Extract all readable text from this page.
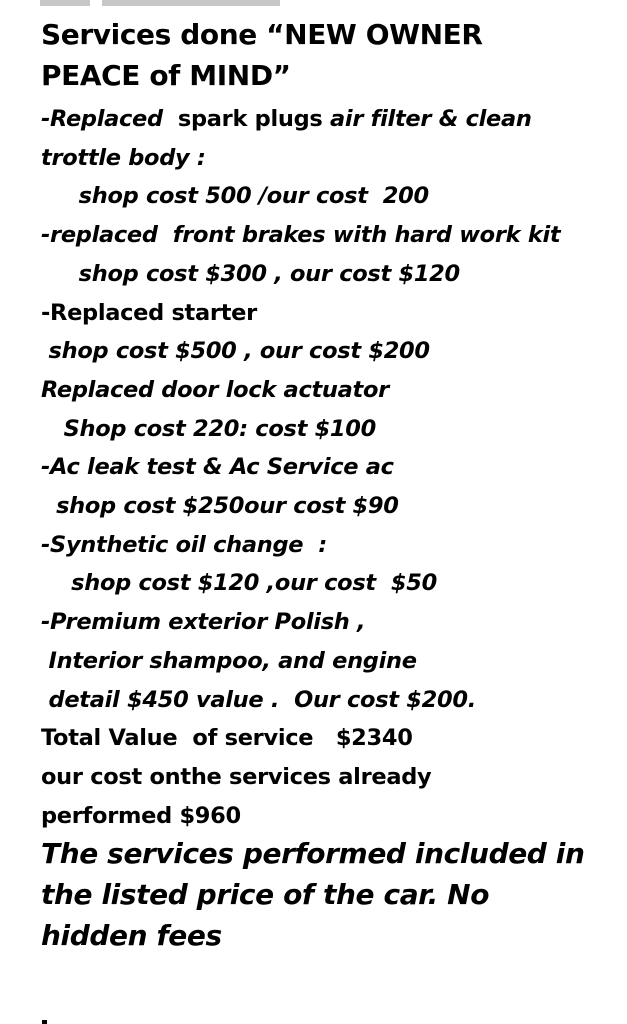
Services done “NEW OWNER
PEACE of MIND”
-Replaced  spark plugs air filter & clean
trottle body :
shop cost 500 /our cost  200
-replaced  front brakes with hard work kit
shop cost $300 , our cost $120
-Replaced starter
shop cost $500 , our cost $200
Replaced door lock actuator
Shop cost 220: cost $100
-Ac leak test & Ac Service ac
shop cost $250our cost $90
-Synthetic oil change  :
shop cost $120 ,our cost  $50
-Premium exterior Polish ,
Interior shampoo, and engine
detail $450 value .  Our cost $200.
Total Value  of service   $2340
our cost onthe services already
performed $960
The services performed included in
the listed price of the car. No
hidden fees
